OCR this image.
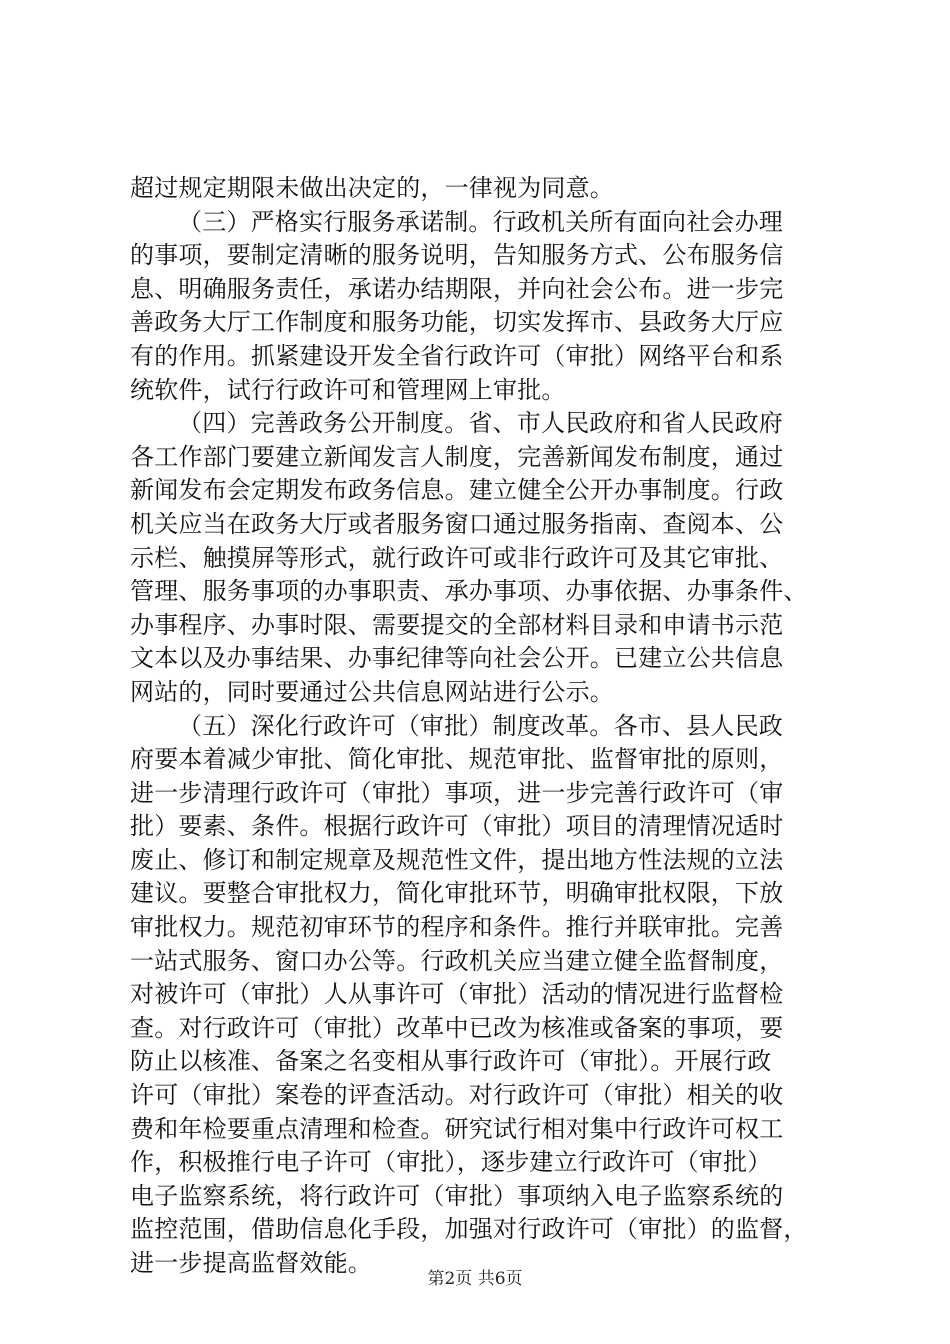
超过规定期限未做出决定的，一律视为同意。
（三）严格实行服务承诺制。行政机关所有面向社会办理
的事项，要制定清晰的服务说明，告知服务方式、公布服务信
息、明确服务责任，承诺办结期限，并向社会公布。进一步完
善政务大厅工作制度和服务功能，切实发挥市、县政务大厅应
有的作用。抓紧建设开发全省行政许可（审批）网络平台和系
统软件，试行行政许可和管理网上审批。
（四）完善政务公开制度。省、市人民政府和省人民政府
各工作部门要建立新闻发言人制度，完善新闻发布制度，通过
新闻发布会定期发布政务信息。建立健全公开办事制度。行政
机关应当在政务大厅或者服务窗口通过服务指南、查阅本、公
示栏、触摸屏等形式，就行政许可或非行政许可及其它审批、
管理、服务事项的办事职责、承办事项、办事依据、办事条件、
办事程序、办事时限、需要提交的全部材料目录和申请书示范
文本以及办事结果、办事纪律等向社会公开。已建立公共信息
网站的，同时要通过公共信息网站进行公示。
（五）深化行政许可（审批）制度改革。各市、县人民政
府要本着减少审批、简化审批、规范审批、监督审批的原则，
进一步清理行政许可（审批）事项，进一步完善行政许可（审
批）要素、条件。根据行政许可（审批）项目的清理情况适时
废止、修订和制定规章及规范性文件，提出地方性法规的立法
建议。要整合审批权力，简化审批环节，明确审批权限，下放
审批权力。规范初审环节的程序和条件。推行并联审批。完善
一站式服务、窗口办公等。行政机关应当建立健全监督制度，
对被许可（审批）人从事许可（审批）活动的情况进行监督检
查。对行政许可（审批）改革中已改为核准或备案的事项，要
防止以核准、备案之名变相从事行政许可（审批）。开展行政
许可（审批）案卷的评查活动。对行政许可（审批）相关的收
费和年检要重点清理和检查。研究试行相对集中行政许可权工
作，积极推行电子许可（审批），逐步建立行政许可（审批）
电子监察系统，将行政许可（审批）事项纳入电子监察系统的
监控范围，借助信息化手段，加强对行政许可（审批）的监督，
进一步提高监督效能。
第2页 共6页
